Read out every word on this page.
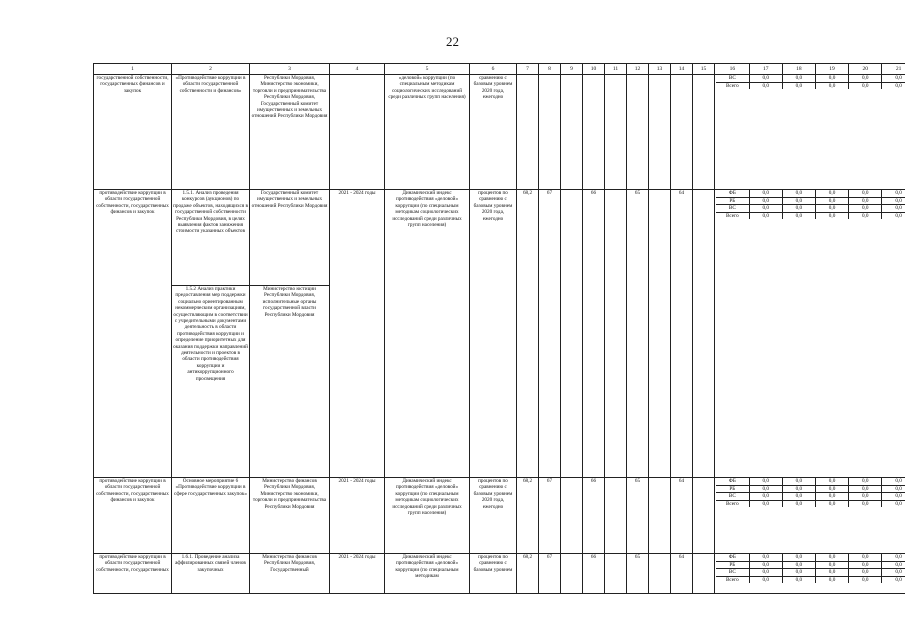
22
1	2	3	4	5	6	7	8	9	10	11	12	13	14	15		16	17	18	19	20	21

государственной собственности, государственных финансов и закупок	«Противодействие коррупции в области государственной собственности и финансов»	Республики Мордовия, Министерство экономики, торговли и предпринимательства Республики Мордовия, Государственный комитет имущественных и земельных отношений Республики Мордовия		«деловой» коррупции (по специальным методикам социологических исследований среди различных групп населения)	сравнению с базовым уровнем 2020 года, ежегодно										
ВС	0,0	0,0	0,0	0,0	0,0
Всего	0,0	0,0	0,0	0,0	0,0

противодействие коррупции в области государственной собственности, государственных финансов и закупок	1.5.1. Анализ проведения конкурсов (аукционов) по продаже объектов, находящихся в государственной собственности Республики Мордовия, в целях выявления фактов занижения стоимости указанных объектов	Государственный комитет имущественных и земельных отношений Республики Мордовия	2021 - 2024 годы	Динамический индекс противодействия «деловой» коррупции (по специальным методикам социологических исследований среди различных групп населения)	процентов по сравнению с базовым уровнем 2020 года, ежегодно	68,2	67		66		65		64			ФБ	0,0	0,0	0,0	0,0	0,0
РБ	0,0	0,0	0,0	0,0	0,0
ВС	0,0	0,0	0,0	0,0	0,0
Всего	0,0	0,0	0,0	0,0	0,0

1.5.2 Анализ практики предоставления мер поддержки социально ориентированным некоммерческим организациям, осуществляющим в соответствии с учредительными документами деятельность в области противодействия коррупции и определение приоритетных для оказания поддержки направлений деятельности и проектов в области противодействия коррупции и антикоррупционного просвещения	Министерство юстиции Республики Мордовия, исполнительные органы государственной власти Республики Мордовия
противодействие коррупции в области государственной собственности, государственных финансов и закупок	Основное мероприятие 6 «Противодействие коррупции в сфере государственных закупок»	Министерство финансов Республики Мордовия, Министерство экономики, торговли и предпринимательства Республики Мордовия	2021 - 2024 годы	Динамический индекс противодействия «деловой» коррупции (по специальным методикам социологических исследований среди различных групп населения)	процентов по сравнению с базовым уровнем 2020 года, ежегодно	68,2	67		66		65		64			ФБ	0,0	0,0	0,0	0,0	0,0
РБ	0,0	0,0	0,0	0,0	0,0
ВС	0,0	0,0	0,0	0,0	0,0
Всего	0,0	0,0	0,0	0,0	0,0

противодействие коррупции в области государственной собственности, государственных	1.6.1. Проведение анализа аффилированных связей членов закупочных	Министерство финансов Республики Мордовия, Государственный	2021 - 2024 годы	Динамический индекс противодействия «деловой» коррупции (по специальным методикам	процентов по сравнению с базовым уровнем	68,2	67		66		65		64			ФБ	0,0	0,0	0,0	0,0	0,0
РБ	0,0	0,0	0,0	0,0	0,0
ВС	0,0	0,0	0,0	0,0	0,0
Всего	0,0	0,0	0,0	0,0	0,0
